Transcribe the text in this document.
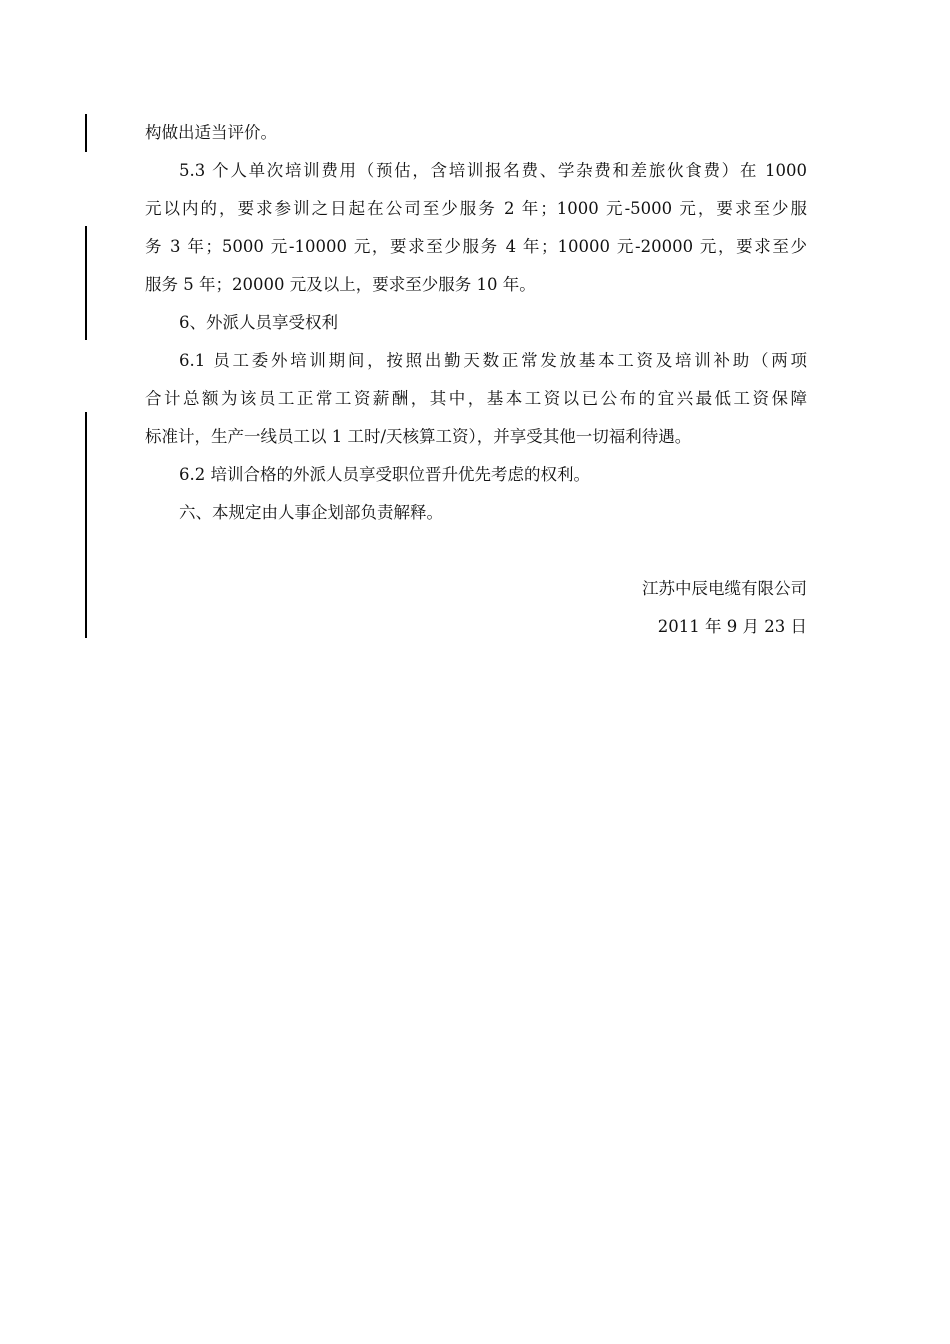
构做出适当评价。
5.3 个人单次培训费用（预估，含培训报名费、学杂费和差旅伙食费）在 1000
元以内的，要求参训之日起在公司至少服务 2 年；1000 元-5000 元，要求至少服
务 3 年；5000 元-10000 元，要求至少服务 4 年；10000 元-20000 元，要求至少
服务 5 年；20000 元及以上，要求至少服务 10 年。
6、外派人员享受权利
6.1 员工委外培训期间，按照出勤天数正常发放基本工资及培训补助（两项
合计总额为该员工正常工资薪酬，其中，基本工资以已公布的宜兴最低工资保障
标准计，生产一线员工以 1 工时/天核算工资），并享受其他一切福利待遇。
6.2 培训合格的外派人员享受职位晋升优先考虑的权利。
六、本规定由人事企划部负责解释。
江苏中辰电缆有限公司
2011 年 9 月 23 日
